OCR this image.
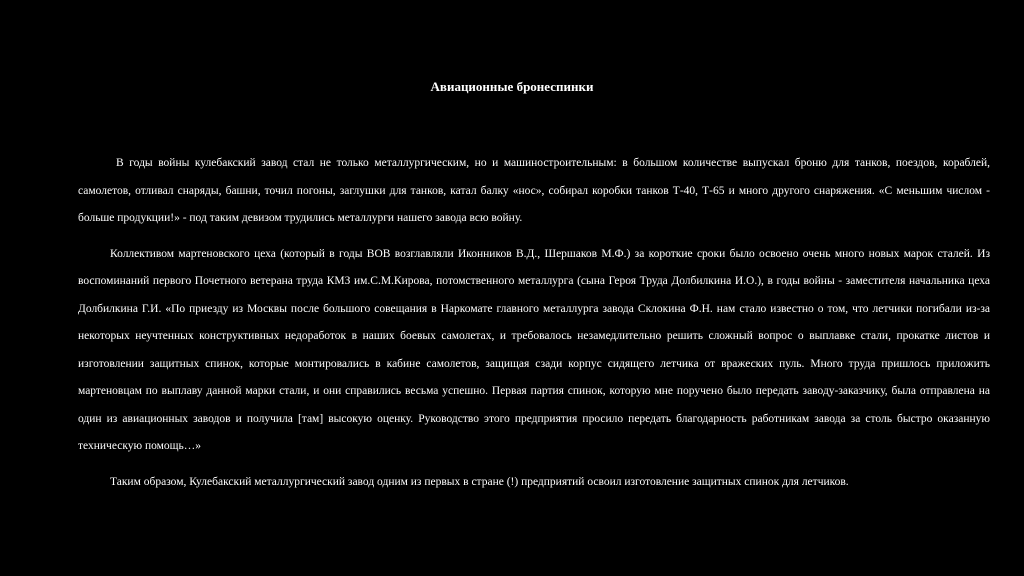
Авиационные бронеспинки

В годы войны кулебакский завод стал не только металлургическим, но и машиностроительным: в большом количестве выпускал броню для танков, поездов, кораблей, самолетов, отливал снаряды, башни, точил погоны, заглушки для танков, катал балку «нос», собирал коробки танков Т-40, Т-65 и много другого снаряжения. «С меньшим числом - больше продукции!» - под таким девизом трудились металлурги нашего завода всю войну.

Коллективом мартеновского цеха (который в годы ВОВ возглавляли Иконников В.Д., Шершаков М.Ф.) за короткие сроки было освоено очень много новых марок сталей. Из воспоминаний первого Почетного ветерана труда КМЗ им.С.М.Кирова, потомственного металлурга (сына Героя Труда Долбилкина И.О.), в годы войны - заместителя начальника цеха Долбилкина Г.И. «По приезду из Москвы после большого совещания в Наркомате главного металлурга завода Склокина Ф.Н. нам стало известно о том, что летчики погибали из-за некоторых неучтенных конструктивных недоработок в наших боевых самолетах, и требовалось незамедлительно решить сложный вопрос о выплавке стали, прокатке листов и изготовлении защитных спинок, которые монтировались в кабине самолетов, защищая сзади корпус сидящего летчика от вражеских пуль. Много труда пришлось приложить мартеновцам по выплаву данной марки стали, и они справились весьма успешно. Первая партия спинок, которую мне поручено было передать заводу-заказчику, была отправлена на один из авиационных заводов и получила [там] высокую оценку. Руководство этого предприятия просило передать благодарность работникам завода за столь быстро оказанную техническую помощь…»

Таким образом, Кулебакский металлургический завод одним из первых в стране (!) предприятий освоил изготовление защитных спинок для летчиков.
